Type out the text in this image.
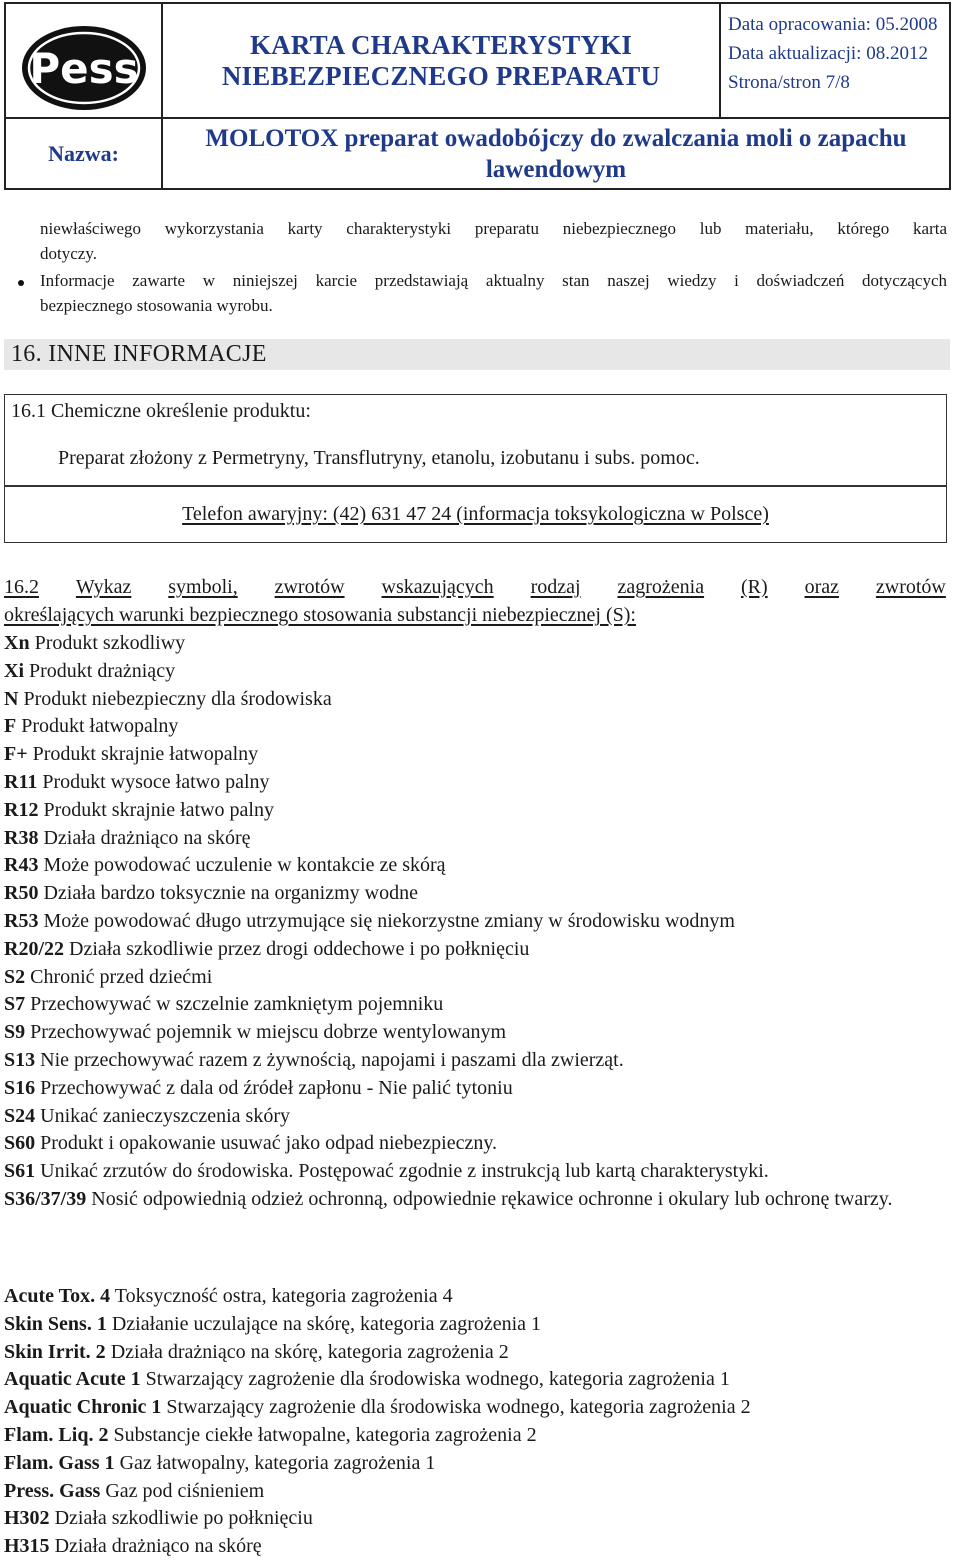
Pess	KARTA CHARAKTERYSTYKI
NIEBEZPIECZNEGO PREPARATU
Data opracowania: 05.2008
Data aktualizacji: 08.2012
Strona/stron 7/8
Nazwa:
MOLOTOX preparat owadobójczy do zwalczania moli o zapachu
lawendowym
niewłaściwego wykorzystania karty charakterystyki preparatu niebezpiecznego lub materiału, którego karta
dotyczy.
Informacje zawarte w niniejszej karcie przedstawiają aktualny stan naszej wiedzy i doświadczeń dotyczących
bezpiecznego stosowania wyrobu.
16. INNE INFORMACJE
16.1 Chemiczne określenie produktu:
Preparat złożony z Permetryny, Transflutryny, etanolu, izobutanu i subs. pomoc.
Telefon awaryjny: (42) 631 47 24 (informacja toksykologiczna w Polsce)
16.2 Wykaz symboli, zwrotów wskazujących rodzaj zagrożenia (R) oraz zwrotów
określających warunki bezpiecznego stosowania substancji niebezpiecznej (S):
Xn Produkt szkodliwy
Xi Produkt drażniący
N Produkt niebezpieczny dla środowiska
F Produkt łatwopalny
F+ Produkt skrajnie łatwopalny
R11 Produkt wysoce łatwo palny
R12 Produkt skrajnie łatwo palny
R38 Działa drażniąco na skórę
R43 Może powodować uczulenie w kontakcie ze skórą
R50 Działa bardzo toksycznie na organizmy wodne
R53 Może powodować długo utrzymujące się niekorzystne zmiany w środowisku wodnym
R20/22 Działa szkodliwie przez drogi oddechowe i po połknięciu
S2 Chronić przed dziećmi
S7 Przechowywać w szczelnie zamkniętym pojemniku
S9 Przechowywać pojemnik w miejscu dobrze wentylowanym
S13 Nie przechowywać razem z żywnością, napojami i paszami dla zwierząt.
S16 Przechowywać z dala od źródeł zapłonu - Nie palić tytoniu
S24 Unikać zanieczyszczenia skóry
S60 Produkt i opakowanie usuwać jako odpad niebezpieczny.
S61 Unikać zrzutów do środowiska. Postępować zgodnie z instrukcją lub kartą charakterystyki.
S36/37/39 Nosić odpowiednią odzież ochronną, odpowiednie rękawice ochronne i okulary lub ochronę twarzy.
Acute Tox. 4 Toksyczność ostra, kategoria zagrożenia 4
Skin Sens. 1 Działanie uczulające na skórę, kategoria zagrożenia 1
Skin Irrit. 2 Działa drażniąco na skórę, kategoria zagrożenia 2
Aquatic Acute 1 Stwarzający zagrożenie dla środowiska wodnego, kategoria zagrożenia 1
Aquatic Chronic 1 Stwarzający zagrożenie dla środowiska wodnego, kategoria zagrożenia 2
Flam. Liq. 2 Substancje ciekłe łatwopalne, kategoria zagrożenia 2
Flam. Gass 1 Gaz łatwopalny, kategoria zagrożenia 1
Press. Gass Gaz pod ciśnieniem
H302 Działa szkodliwie po połknięciu
H315 Działa drażniąco na skórę
